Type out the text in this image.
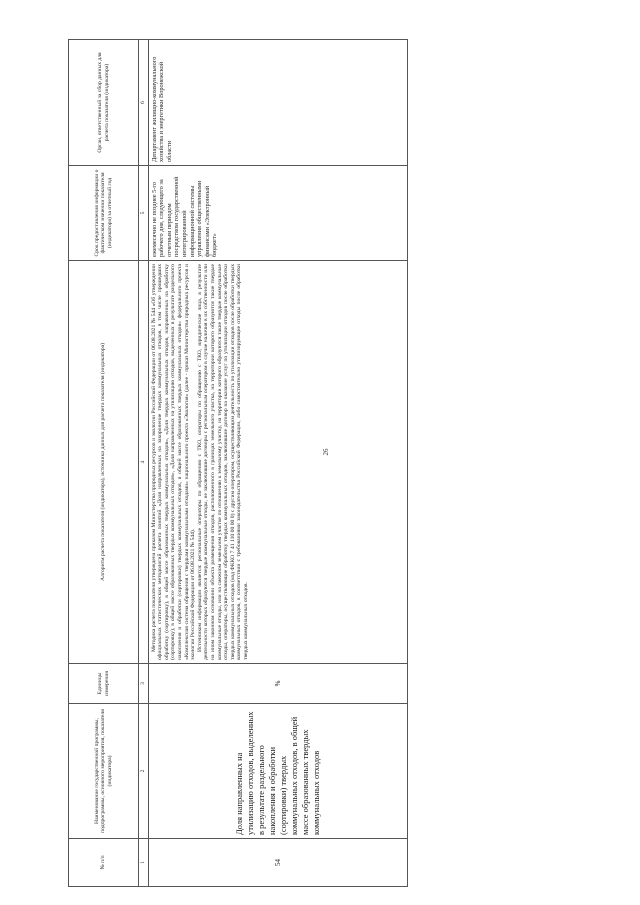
26
№ п/п	Наименование государственной программы, подпрограммы, основного мероприятия, показателя (индикатора)	Единицы измерения	Алгоритм расчета показателя (индикатора), источники данных для расчета показателя (индикатора)	Срок предоставления информации о фактическом значении показателя (индикатора) за отчетный год	Орган, ответственный за сбор данных для расчета показателя (индикатора)
1	2	3	4	5	6
54	Доля направленных на утилизацию отходов, выделенных в результате раздельного накопления и обработки (сортировки) твердых коммунальных отходов, в общей массе образованных твердых коммунальных отходов	%	Методика расчета показателя утверждена приказом Министерства природных ресурсов и экологии Российской Федерации от 06.08.2021 № 544 «Об утверждении официальных статистических методологий расчета понятий «Доля направленных на захоронение твердых коммунальных отходов, в том числе прошедших обработку (сортировку), в общей массе образованных твердых коммунальных отходов», «Доля твердых коммунальных отходов, направленных на обработку (сортировку), в общей массе образованных твердых коммунальных отходов», «Доля направленных на утилизацию отходов, выделенных в результате раздельного накопления и обработки (сортировки) твердых коммунальных отходов, в общей массе образованных твердых коммунальных отходов» федерального проекта «Комплексная система обращения с твердыми коммунальными отходами» национального проекта «Экология» (далее - приказ Министерства природных ресурсов и экологии Российской Федерации от 06.08.2021 № 544). Источником информации является: региональные операторы по обращению с ТКО, операторы по обращению с ТКО, юридические лица, в результате деятельности которых образуются твердые коммунальные отходы, не заключившие договоры с региональным оператором в случае наличия в их собственности или на ином законном основании объекта размещения отходов, расположенного в границах земельного участка, на территории которого образуются такие твердые коммунальные отходы, или на смежном земельном участке по отношению к земельному участку, на территории которого образуются такие твердые коммунальные отходы, операторы, осуществляющие обработку твердых коммунальных отходов, заключившие договор на оказание услуг по утилизации отходов после обработки твердых коммунальных отходов (код ФККО 7 41 110 00 00 0) с другим оператором, осуществляющим деятельность по утилизации отходов после обработки твердых коммунальных отходов, в соответствии с требованиями законодательства Российской Федерации, либо самостоятельно утилизирующие отходы после обработки твердых коммунальных отходов.	ежемесячно не позднее 5-го рабочего дня, следующего за отчетным периодом посредством государственной интегрированной информационной системы управления общественными финансами «Электронный бюджет»	Департамент жилищно-коммунального хозяйства и энергетики Воронежской области
